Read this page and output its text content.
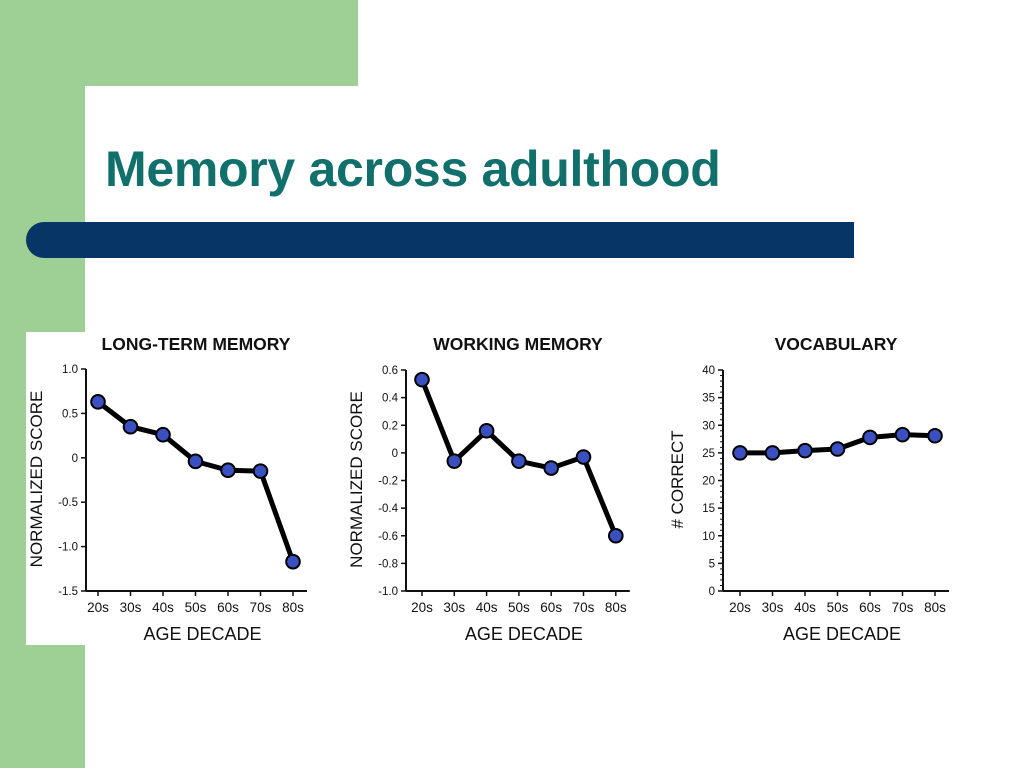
Memory across adulthood
LONG-TERM MEMORY
1.0
0.5
0
-0.5
-1.0
-1.5
20s 30s 40s 50s 60s 70s 80s
AGE DECADE
NORMALIZED SCORE
WORKING MEMORY
0.6
0.4
0.2
0
-0.2
-0.4
-0.6
-0.8
-1.0
20s 30s 40s 50s 60s 70s 80s
AGE DECADE
NORMALIZED SCORE
VOCABULARY
40
35
30
25
20
15
10
5
0
20s 30s 40s 50s 60s 70s 80s
AGE DECADE
# CORRECT
